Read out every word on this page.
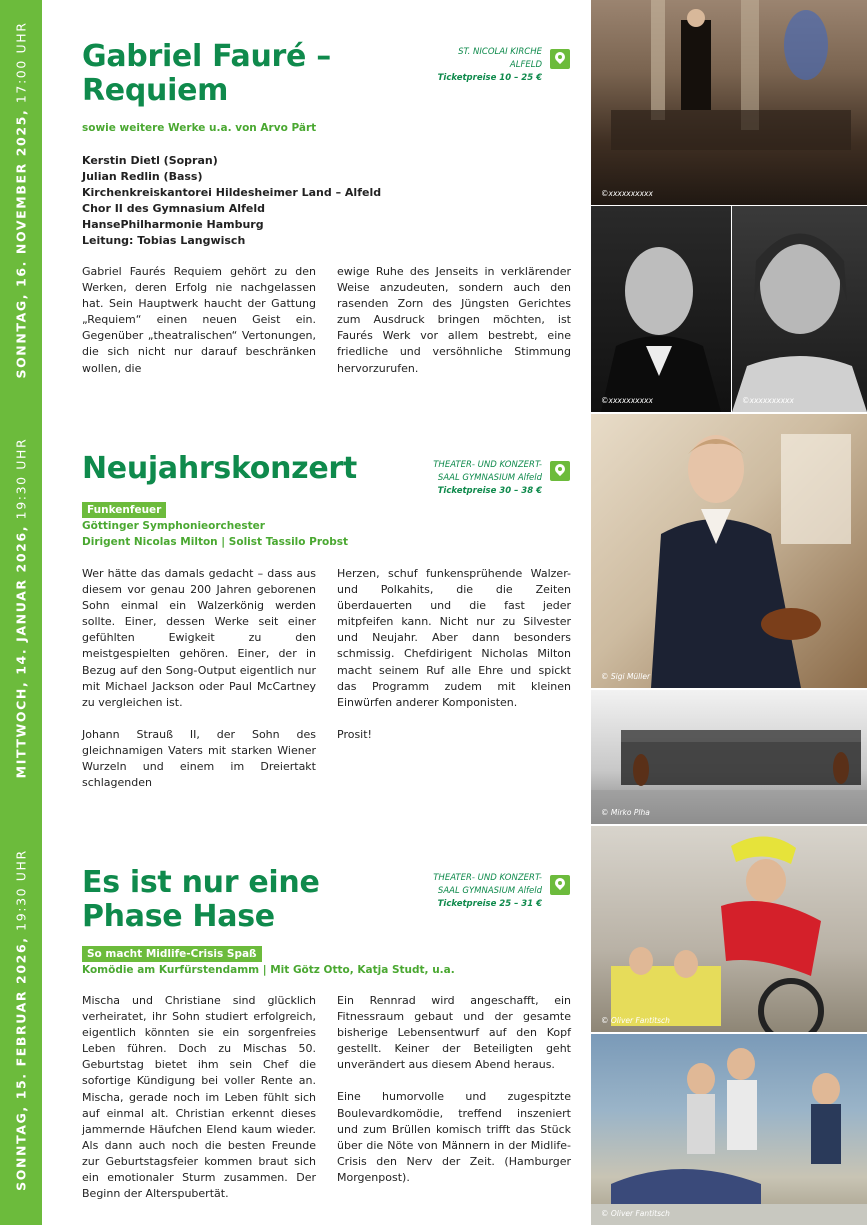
SONNTAG, 16. NOVEMBER 2025, 17:00 UHR
MITTWOCH, 14. JANUAR 2026, 19:30 UHR
SONNTAG, 15. FEBRUAR 2026, 19:30 UHR
Gabriel Fauré – Requiem
ST. NICOLAI KIRCHE
ALFELD
Ticketpreise 10 – 25 €
sowie weitere Werke u.a. von Arvo Pärt
Kerstin Dietl (Sopran)
Julian Redlin (Bass)
Kirchenkreiskantorei Hildesheimer Land – Alfeld
Chor II des Gymnasium Alfeld
HansePhilharmonie Hamburg
Leitung: Tobias Langwisch

Gabriel Faurés Requiem gehört zu den Werken, deren Erfolg nie nachgelassen hat. Sein Hauptwerk haucht der Gattung „Requiem“ einen neuen Geist ein. Gegenüber „theatralischen“ Vertonungen, die sich nicht nur darauf beschränken wollen, die

ewige Ruhe des Jenseits in verklärender Weise anzudeuten, sondern auch den rasenden Zorn des Jüngsten Gerichtes zum Ausdruck bringen möchten, ist Faurés Werk vor allem bestrebt, eine friedliche und versöhnliche Stimmung hervorzurufen.

©xxxxxxxxxx
©xxxxxxxxxx	©xxxxxxxxxx
Neujahrskonzert	THEATER- UND KONZERT-
SAAL GYMNASIUM Alfeld
Ticketpreise 30 – 38 €
Funkenfeuer
Göttinger Symphonieorchester
Dirigent Nicolas Milton | Solist Tassilo Probst

Wer hätte das damals gedacht – dass aus diesem vor genau 200 Jahren geborenen Sohn einmal ein Walzerkönig werden sollte. Einer, dessen Werke seit einer gefühlten Ewigkeit zu den meistgespielten gehören. Einer, der in Bezug auf den Song-Output eigentlich nur mit Michael Jackson oder Paul McCartney zu vergleichen ist.

Johann Strauß II, der Sohn des gleichnamigen Vaters mit starken Wiener Wurzeln und einem im Dreiertakt schlagenden

Herzen, schuf funkensprühende Walzer- und Polkahits, die die Zeiten überdauerten und die fast jeder mitpfeifen kann. Nicht nur zu Silvester und Neujahr. Aber dann besonders schmissig. Chefdirigent Nicholas Milton macht seinem Ruf alle Ehre und spickt das Programm zudem mit kleinen Einwürfen anderer Komponisten.

Prosit!

© Sigi Müller
© Mirko Plha
Es ist nur eine Phase Hase
THEATER- UND KONZERT-
SAAL GYMNASIUM Alfeld
Ticketpreise 25 – 31 €
So macht Midlife-Crisis Spaß
Komödie am Kurfürstendamm | Mit Götz Otto, Katja Studt, u.a.

Mischa und Christiane sind glücklich verheiratet, ihr Sohn studiert erfolgreich, eigentlich könnten sie ein sorgenfreies Leben führen. Doch zu Mischas 50. Geburtstag bietet ihm sein Chef die sofortige Kündigung bei voller Rente an. Mischa, gerade noch im Leben fühlt sich auf einmal alt. Christian erkennt dieses jammernde Häufchen Elend kaum wieder. Als dann auch noch die besten Freunde zur Geburtstagsfeier kommen braut sich ein emotionaler Sturm zusammen. Der Beginn der Alterspubertät.

Ein Rennrad wird angeschafft, ein Fitnessraum gebaut und der gesamte bisherige Lebensentwurf auf den Kopf gestellt. Keiner der Beteiligten geht unverändert aus diesem Abend heraus.

Eine humorvolle und zugespitzte Boulevardkomödie, treffend inszeniert und zum Brüllen komisch trifft das Stück über die Nöte von Männern in der Midlife-Crisis den Nerv der Zeit. (Hamburger Morgenpost).

© Oliver Fantitsch
© Oliver Fantitsch
